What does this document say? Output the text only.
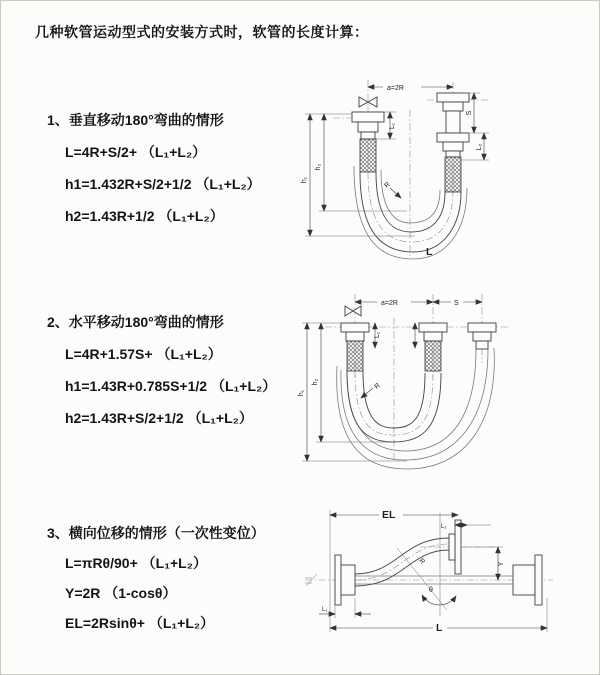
几种软管运动型式的安装方式时，软管的长度计算：
1、垂直移动180°弯曲的情形
L=4R+S/2+ （L₁+L₂）
h1=1.432R+S/2+1/2 （L₁+L₂）
h2=1.43R+1/2 （L₁+L₂）
2、水平移动180°弯曲的情形
L=4R+1.57S+ （L₁+L₂）
h1=1.43R+0.785S+1/2 （L₁+L₂）
h2=1.43R+S/2+1/2 （L₁+L₂）
3、横向位移的情形（一次性变位）
L=πRθ/90+ （L₁+L₂）
Y=2R （1-cosθ）
EL=2Rsinθ+ （L₁+L₂）
a=2R
h₁
h₂
L₁
S
L₂
R
L
a=2R	S
h₁
h₂
L₁
R
EL
L₂
Y
R
θ
L
L₁
